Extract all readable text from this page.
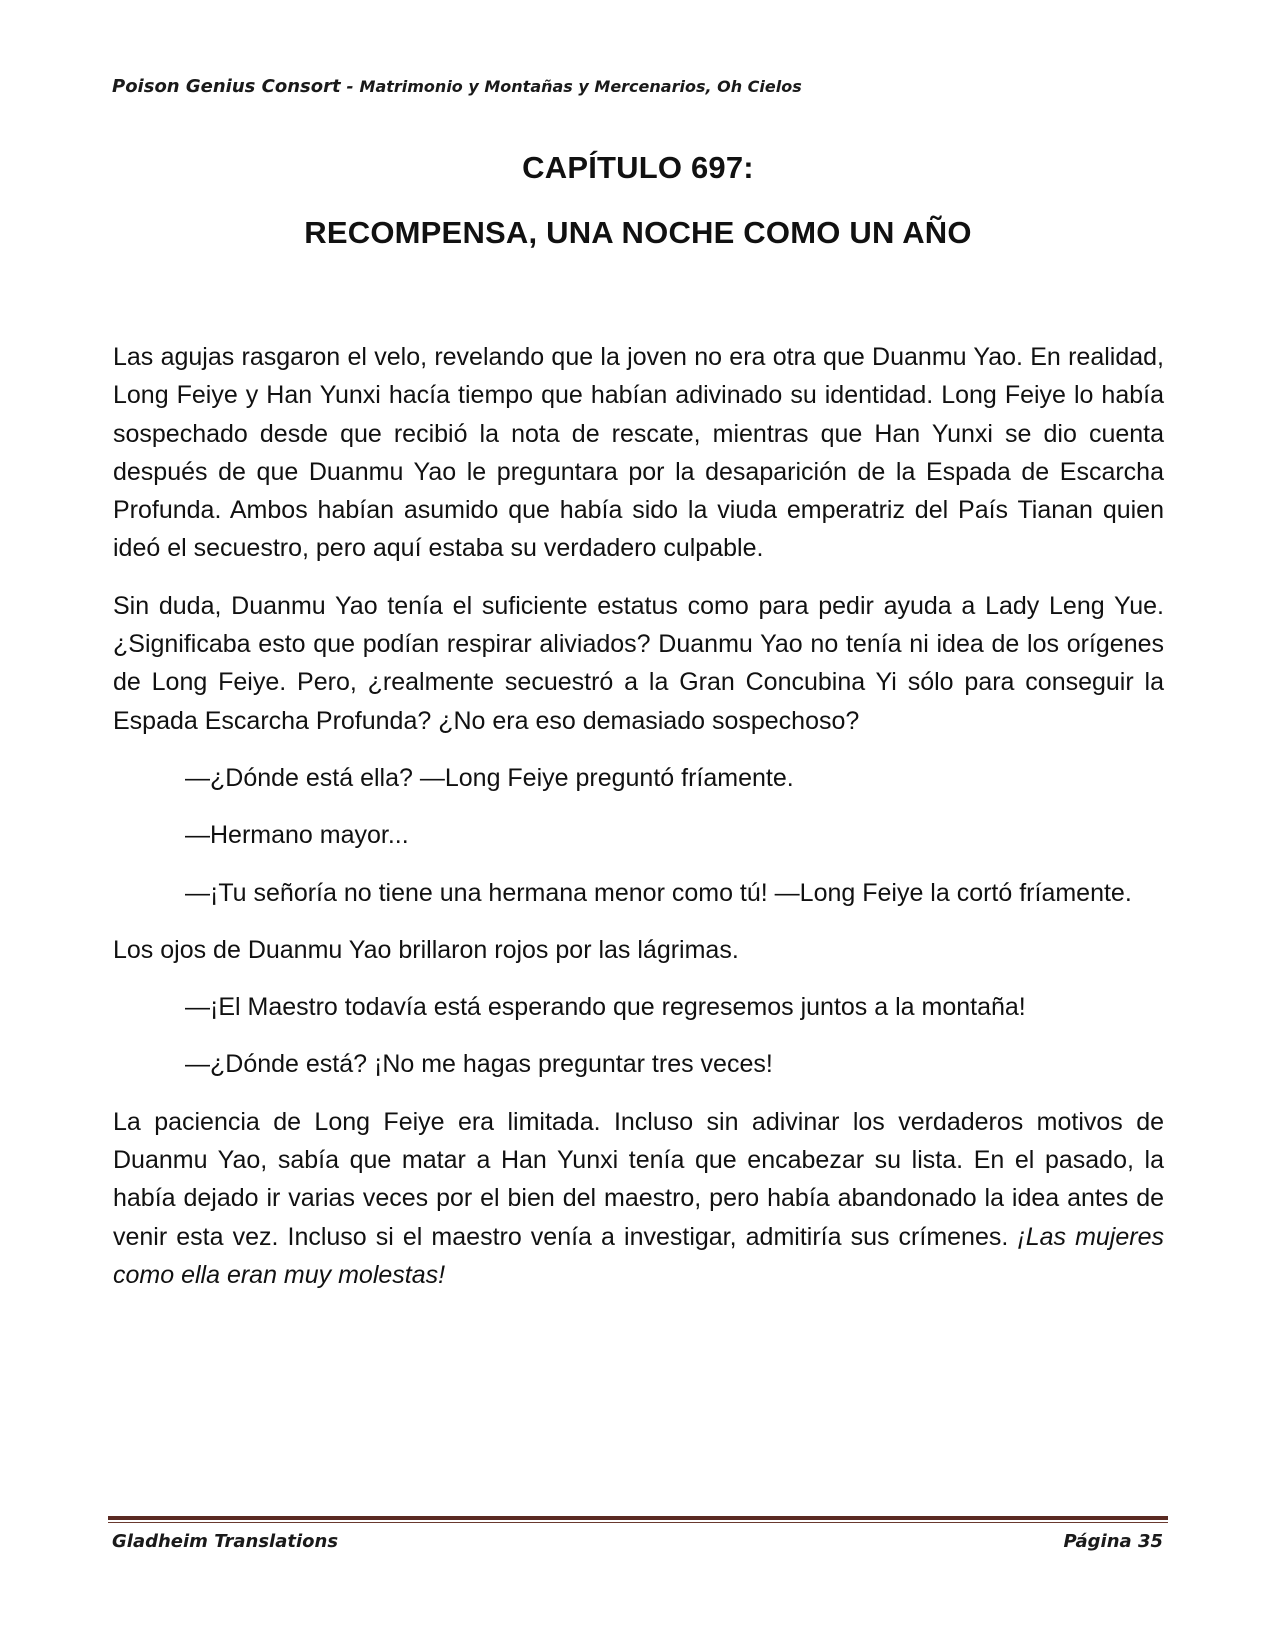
Poison Genius Consort - Matrimonio y Montañas y Mercenarios, Oh Cielos
CAPÍTULO 697:
RECOMPENSA, UNA NOCHE COMO UN AÑO

Las agujas rasgaron el velo, revelando que la joven no era otra que Duanmu Yao. En realidad, Long Feiye y Han Yunxi hacía tiempo que habían adivinado su identidad. Long Feiye lo había sospechado desde que recibió la nota de rescate, mientras que Han Yunxi se dio cuenta después de que Duanmu Yao le preguntara por la desaparición de la Espada de Escarcha Profunda. Ambos habían asumido que había sido la viuda emperatriz del País Tianan quien ideó el secuestro, pero aquí estaba su verdadero culpable.

Sin duda, Duanmu Yao tenía el suficiente estatus como para pedir ayuda a Lady Leng Yue. ¿Significaba esto que podían respirar aliviados? Duanmu Yao no tenía ni idea de los orígenes de Long Feiye. Pero, ¿realmente secuestró a la Gran Concubina Yi sólo para conseguir la Espada Escarcha Profunda? ¿No era eso demasiado sospechoso?

—¿Dónde está ella? —Long Feiye preguntó fríamente.

—Hermano mayor...

—¡Tu señoría no tiene una hermana menor como tú! —Long Feiye la cortó fríamente.

Los ojos de Duanmu Yao brillaron rojos por las lágrimas.

—¡El Maestro todavía está esperando que regresemos juntos a la montaña!

—¿Dónde está? ¡No me hagas preguntar tres veces!

La paciencia de Long Feiye era limitada. Incluso sin adivinar los verdaderos motivos de Duanmu Yao, sabía que matar a Han Yunxi tenía que encabezar su lista. En el pasado, la había dejado ir varias veces por el bien del maestro, pero había abandonado la idea antes de venir esta vez. Incluso si el maestro venía a investigar, admitiría sus crímenes. ¡Las mujeres como ella eran muy molestas!

Gladheim Translations	Página 35
